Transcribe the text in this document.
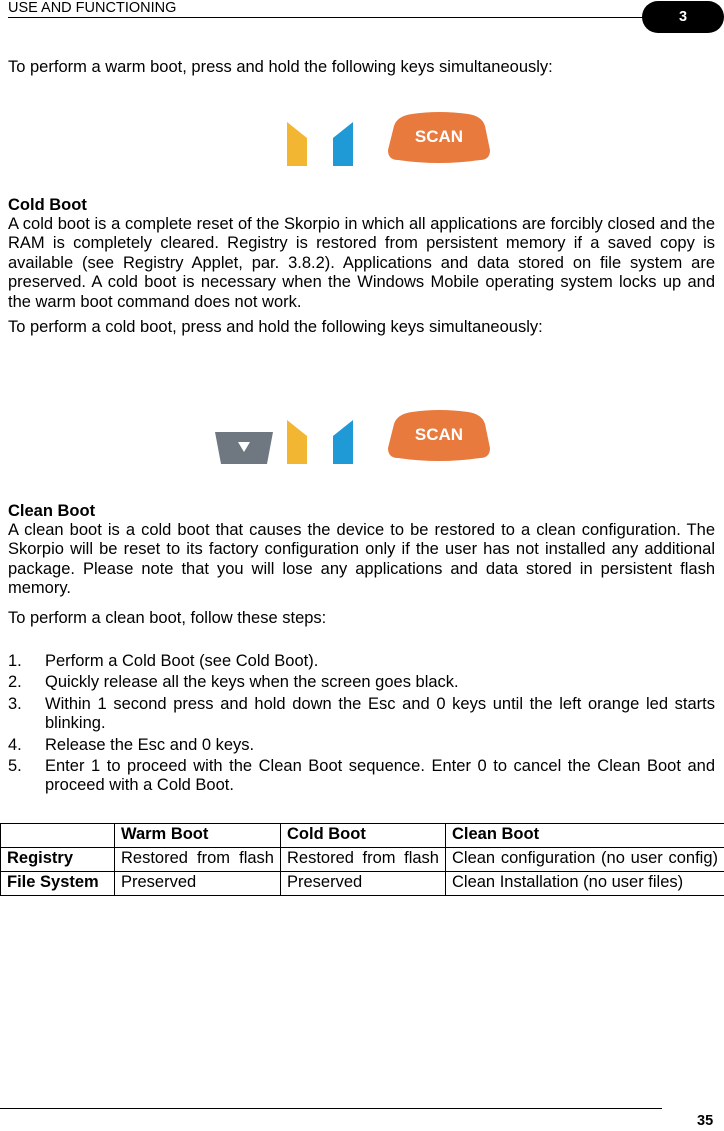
USE AND FUNCTIONING
3

To perform a warm boot, press and hold the following keys simultaneously:

SCAN

Cold Boot

A cold boot is a complete reset of the Skorpio in which all applications are forcibly closed and the RAM is completely cleared. Registry is restored from persistent memory if a saved copy is available (see Registry Applet, par. 3.8.2). Applications and data stored on file system are preserved. A cold boot is necessary when the Windows Mobile operating system locks up and the warm boot command does not work.

To perform a cold boot, press and hold the following keys simultaneously:

SCAN

Clean Boot

A clean boot is a cold boot that causes the device to be restored to a clean configuration. The Skorpio will be reset to its factory configuration only if the user has not installed any additional package. Please note that you will lose any applications and data stored in persistent flash memory.

To perform a clean boot, follow these steps:

1. Perform a Cold Boot (see Cold Boot).
2. Quickly release all the keys when the screen goes black.
3. Within 1 second press and hold down the Esc and 0 keys until the left orange led starts blinking.
4. Release the Esc and 0 keys.
5. Enter 1 to proceed with the Clean Boot sequence. Enter 0 to cancel the Clean Boot and proceed with a Cold Boot.
	Warm Boot	Cold Boot	Clean Boot
Registry	Restored from flash	Restored from flash	Clean configuration (no user config)
File System	Preserved	Preserved	Clean Installation (no user files)
35
